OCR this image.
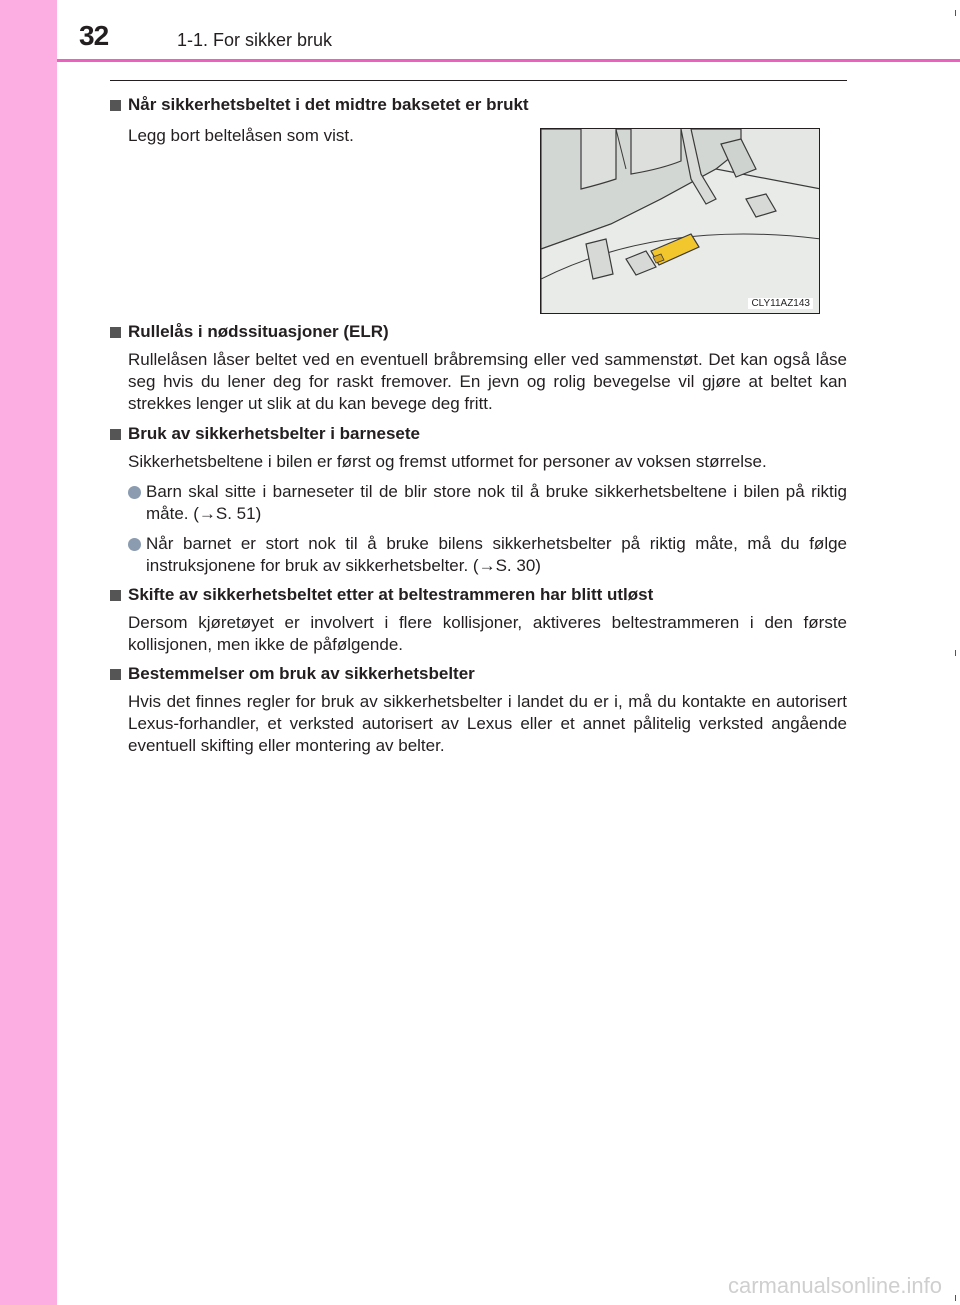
32	1-1. For sikker bruk
Når sikkerhetsbeltet i det midtre baksetet er brukt
Legg bort beltelåsen som vist.
Rullelås i nødssituasjoner (ELR)
Rullelåsen låser beltet ved en eventuell bråbremsing eller ved sammenstøt. Det kan også låse seg hvis du lener deg for raskt fremover. En jevn og rolig bevegelse vil gjøre at beltet kan strekkes lenger ut slik at du kan bevege deg fritt.
Bruk av sikkerhetsbelter i barnesete
Sikkerhetsbeltene i bilen er først og fremst utformet for personer av voksen størrelse.
Barn skal sitte i barneseter til de blir store nok til å bruke sikkerhetsbeltene i bilen på riktig måte. (→S. 51)
Når barnet er stort nok til å bruke bilens sikkerhetsbelter på riktig måte, må du følge instruksjonene for bruk av sikkerhetsbelter. (→S. 30)
Skifte av sikkerhetsbeltet etter at beltestrammeren har blitt utløst
Dersom kjøretøyet er involvert i flere kollisjoner, aktiveres beltestrammeren i den første kollisjonen, men ikke de påfølgende.
Bestemmelser om bruk av sikkerhetsbelter
Hvis det finnes regler for bruk av sikkerhetsbelter i landet du er i, må du kontakte en autorisert Lexus-forhandler, et verksted autorisert av Lexus eller et annet pålitelig verksted angående eventuell skifting eller montering av belter.
CLY11AZ143
carmanualsonline.info
